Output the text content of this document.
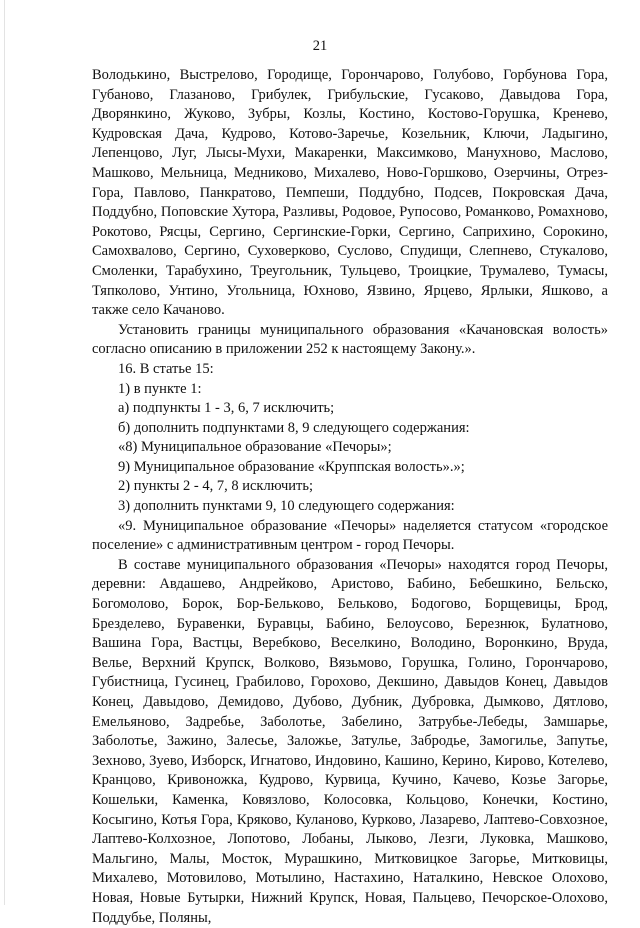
21

Володькино, Выстрелово, Городище, Горончарово, Голубово, Горбунова Гора, Губаново, Глазаново, Грибулек, Грибульские, Гусаково, Давыдова Гора, Дворянкино, Жуково, Зубры, Козлы, Костино, Костово-Горушка, Кренево, Кудровская Дача, Кудрово, Котово-Заречье, Козельник, Ключи, Ладыгино, Лепенцово, Луг, Лысы-Мухи, Макаренки, Максимково, Манухново, Маслово, Машково, Мельница, Медниково, Михалево, Ново-Горшково, Озерчины, Отрез-Гора, Павлово, Панкратово, Пемпеши, Поддубно, Подсев, Покровская Дача, Поддубно, Поповские Хутора, Разливы, Родовое, Рупосово, Романково, Ромахново, Рокотово, Рясцы, Сергино, Сергинские-Горки, Сергино, Саприхино, Сорокино, Самохвалово, Сергино, Суховерково, Суслово, Спудищи, Слепнево, Стукалово, Смоленки, Тарабухино, Треугольник, Тульцево, Троицкие, Трумалево, Тумасы, Тяпколово, Унтино, Угольница, Юхново, Язвино, Ярцево, Ярлыки, Яшково, а также село Качаново.

Установить границы муниципального образования «Качановская волость» согласно описанию в приложении 252 к настоящему Закону.».

16. В статье 15:

1) в пункте 1:

а) подпункты 1 - 3, 6, 7 исключить;

б) дополнить подпунктами 8, 9 следующего содержания:

«8) Муниципальное образование «Печоры»;

9) Муниципальное образование «Круппская волость».»;

2) пункты 2 - 4, 7, 8 исключить;

3) дополнить пунктами 9, 10 следующего содержания:

«9. Муниципальное образование «Печоры» наделяется статусом «городское поселение» с административным центром - город Печоры.

В составе муниципального образования «Печоры» находятся город Печоры, деревни: Авдашево, Андрейково, Аристово, Бабино, Бебешкино, Бельско, Богомолово, Борок, Бор-Бельково, Бельково, Бодогово, Борщевицы, Брод, Брезделево, Буравенки, Буравцы, Бабино, Белоусово, Березнюк, Булатново, Вашина Гора, Вастцы, Веребково, Веселкино, Володино, Воронкино, Вруда, Велье, Верхний Крупск, Волково, Вязьмово, Горушка, Голино, Горончарово, Губистница, Гусинец, Грабилово, Горохово, Декшино, Давыдов Конец, Давыдов Конец, Давыдово, Демидово, Дубово, Дубник, Дубровка, Дымково, Дятлово, Емельяново, Задребье, Заболотье, Забелино, Затрубье-Лебеды, Замшарье, Заболотье, Зажино, Залесье, Заложье, Затулье, Забродье, Замогилье, Запутье, Зехново, Зуево, Изборск, Игнатово, Индовино, Кашино, Керино, Кирово, Котелево, Кранцово, Кривоножка, Кудрово, Курвица, Кучино, Качево, Козье Загорье, Кошельки, Каменка, Ковязлово, Колосовка, Кольцово, Конечки, Костино, Косыгино, Котья Гора, Кряково, Куланово, Курково, Лазарево, Лаптево-Совхозное, Лаптево-Колхозное, Лопотово, Лобаны, Лыково, Лезги, Луковка, Машково, Мальгино, Малы, Мосток, Мурашкино, Митковицкое Загорье, Митковицы, Михалево, Мотовилово, Мотылино, Настахино, Наталкино, Невское Олохово, Новая, Новые Бутырки, Нижний Крупск, Новая, Пальцево, Печорское-Олохово, Поддубье, Поляны,
